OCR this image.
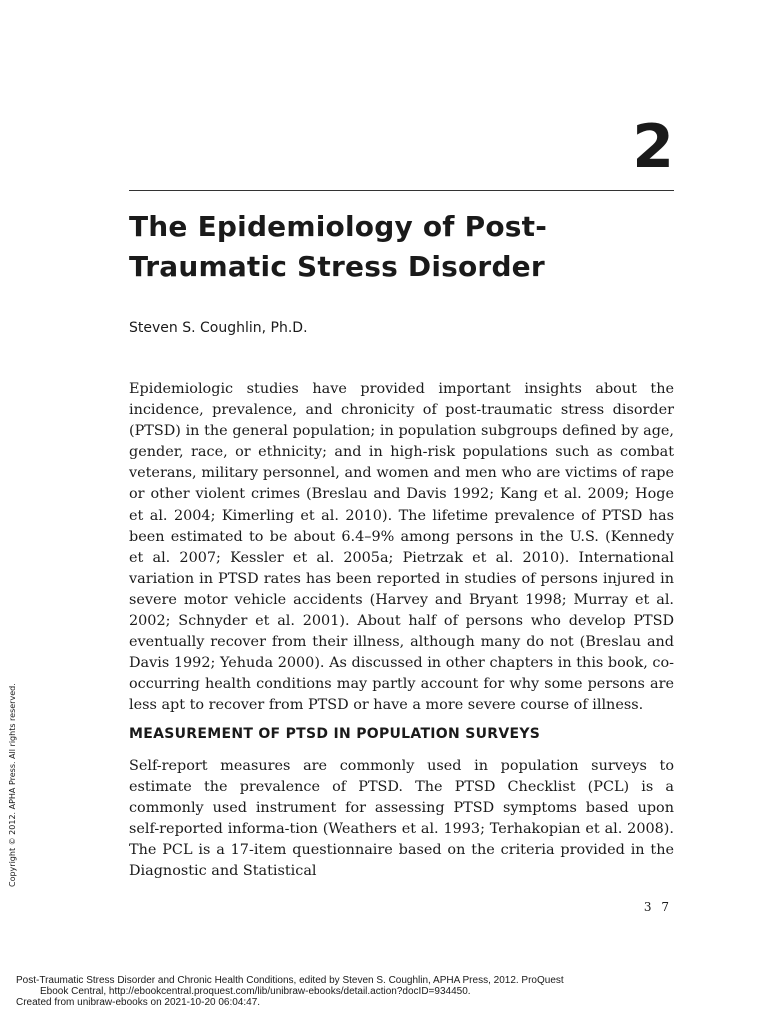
2
The Epidemiology of Post-
Traumatic Stress Disorder

Steven S. Coughlin, Ph.D.

Epidemiologic studies have provided important insights about the incidence, prevalence, and chronicity of post-traumatic stress disorder (PTSD) in the general population; in population subgroups defined by age, gender, race, or ethnicity; and in high-risk populations such as combat veterans, military personnel, and women and men who are victims of rape or other violent crimes (Breslau and Davis 1992; Kang et al. 2009; Hoge et al. 2004; Kimerling et al. 2010). The lifetime prevalence of PTSD has been estimated to be about 6.4–9% among persons in the U.S. (Kennedy et al. 2007; Kessler et al. 2005a; Pietrzak et al. 2010). International variation in PTSD rates has been reported in studies of persons injured in severe motor vehicle accidents (Harvey and Bryant 1998; Murray et al. 2002; Schnyder et al. 2001). About half of persons who develop PTSD eventually recover from their illness, although many do not (Breslau and Davis 1992; Yehuda 2000). As discussed in other chapters in this book, co-occurring health conditions may partly account for why some persons are less apt to recover from PTSD or have a more severe course of illness.

MEASUREMENT OF PTSD IN POPULATION SURVEYS

Self-report measures are commonly used in population surveys to estimate the prevalence of PTSD. The PTSD Checklist (PCL) is a commonly used instrument for assessing PTSD symptoms based upon self-reported informa-tion (Weathers et al. 1993; Terhakopian et al. 2008). The PCL is a 17-item questionnaire based on the criteria provided in the Diagnostic and Statistical

3 7
Copyright © 2012. APHA Press. All rights reserved.
Post-Traumatic Stress Disorder and Chronic Health Conditions, edited by Steven S. Coughlin, APHA Press, 2012. ProQuest
Ebook Central, http://ebookcentral.proquest.com/lib/unibraw-ebooks/detail.action?docID=934450.
Created from unibraw-ebooks on 2021-10-20 06:04:47.
